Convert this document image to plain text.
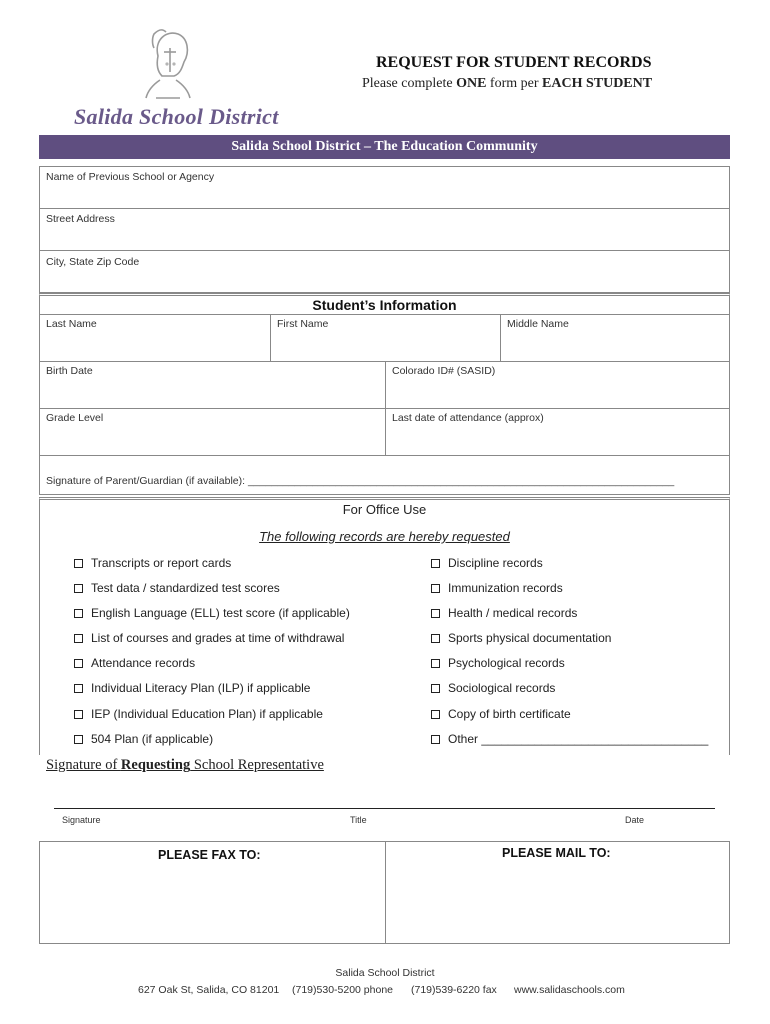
Salida School District
REQUEST FOR STUDENT RECORDS
Please complete ONE form per EACH STUDENT
Salida School District – The Education Community
Name of Previous School or Agency
Street Address
City, State Zip Code
Student’s Information
Last Name	First Name	Middle Name
Birth Date	Colorado ID# (SASID)
Grade Level	Last date of attendance (approx)
Signature of Parent/Guardian (if available): _________________________________________________________________________
For Office Use
The following records are hereby requested
Transcripts or report cards
Test data / standardized test scores
English Language (ELL) test score (if applicable)
List of courses and grades at time of withdrawal
Attendance records
Individual Literacy Plan (ILP) if applicable
IEP (Individual Education Plan) if applicable
504 Plan (if applicable)
Discipline records
Immunization records
Health / medical records
Sports physical documentation
Psychological records
Sociological records
Copy of birth certificate
Other __________________________________
Signature of Requesting School Representative
Signature	Title	Date
PLEASE FAX TO:	PLEASE MAIL TO:
Salida School District
627 Oak St, Salida, CO 81201 (719)530-5200 phone (719)539-6220 fax www.salidaschools.com
